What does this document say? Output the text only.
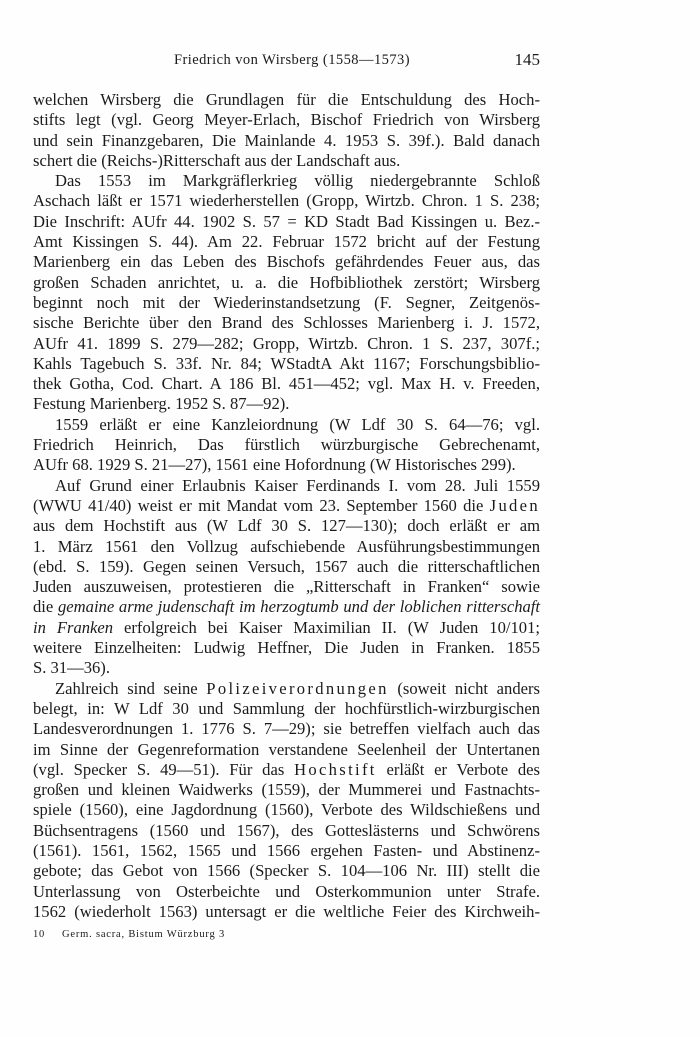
Friedrich von Wirsberg (1558—1573)	145
welchen Wirsberg die Grundlagen für die Entschuldung des Hoch-
stifts legt (vgl. Georg Meyer-Erlach, Bischof Friedrich von Wirsberg
und sein Finanzgebaren, Die Mainlande 4. 1953 S. 39f.). Bald danach
schert die (Reichs-)Ritterschaft aus der Landschaft aus.
Das 1553 im Markgräflerkrieg völlig niedergebrannte Schloß
Aschach läßt er 1571 wiederherstellen (Gropp, Wirtzb. Chron. 1 S. 238;
Die Inschrift: AUfr 44. 1902 S. 57 = KD Stadt Bad Kissingen u. Bez.-
Amt Kissingen S. 44). Am 22. Februar 1572 bricht auf der Festung
Marienberg ein das Leben des Bischofs gefährdendes Feuer aus, das
großen Schaden anrichtet, u. a. die Hofbibliothek zerstört; Wirsberg
beginnt noch mit der Wiederinstandsetzung (F. Segner, Zeitgenös-
sische Berichte über den Brand des Schlosses Marienberg i. J. 1572,
AUfr 41. 1899 S. 279—282; Gropp, Wirtzb. Chron. 1 S. 237, 307f.;
Kahls Tagebuch S. 33f. Nr. 84; WStadtA Akt 1167; Forschungsbiblio-
thek Gotha, Cod. Chart. A 186 Bl. 451—452; vgl. Max H. v. Freeden,
Festung Marienberg. 1952 S. 87—92).
1559 erläßt er eine Kanzleiordnung (W Ldf 30 S. 64—76; vgl.
Friedrich Heinrich, Das fürstlich würzburgische Gebrechenamt,
AUfr 68. 1929 S. 21—27), 1561 eine Hofordnung (W Historisches 299).
Auf Grund einer Erlaubnis Kaiser Ferdinands I. vom 28. Juli 1559
(WWU 41/40) weist er mit Mandat vom 23. September 1560 die Juden
aus dem Hochstift aus (W Ldf 30 S. 127—130); doch erläßt er am
1. März 1561 den Vollzug aufschiebende Ausführungsbestimmungen
(ebd. S. 159). Gegen seinen Versuch, 1567 auch die ritterschaftlichen
Juden auszuweisen, protestieren die „Ritterschaft in Franken“ sowie
die gemaine arme judenschaft im herzogtumb und der loblichen ritterschaft
in Franken erfolgreich bei Kaiser Maximilian II. (W Juden 10/101;
weitere Einzelheiten: Ludwig Heffner, Die Juden in Franken. 1855
S. 31—36).
Zahlreich sind seine Polizeiverordnungen (soweit nicht anders
belegt, in: W Ldf 30 und Sammlung der hochfürstlich-wirzburgischen
Landesverordnungen 1. 1776 S. 7—29); sie betreffen vielfach auch das
im Sinne der Gegenreformation verstandene Seelenheil der Untertanen
(vgl. Specker S. 49—51). Für das Hochstift erläßt er Verbote des
großen und kleinen Waidwerks (1559), der Mummerei und Fastnachts-
spiele (1560), eine Jagdordnung (1560), Verbote des Wildschießens und
Büchsentragens (1560 und 1567), des Gotteslästerns und Schwörens
(1561). 1561, 1562, 1565 und 1566 ergehen Fasten- und Abstinenz-
gebote; das Gebot von 1566 (Specker S. 104—106 Nr. III) stellt die
Unterlassung von Osterbeichte und Osterkommunion unter Strafe.
1562 (wiederholt 1563) untersagt er die weltliche Feier des Kirchweih-
10 Germ. sacra, Bistum Würzburg 3
